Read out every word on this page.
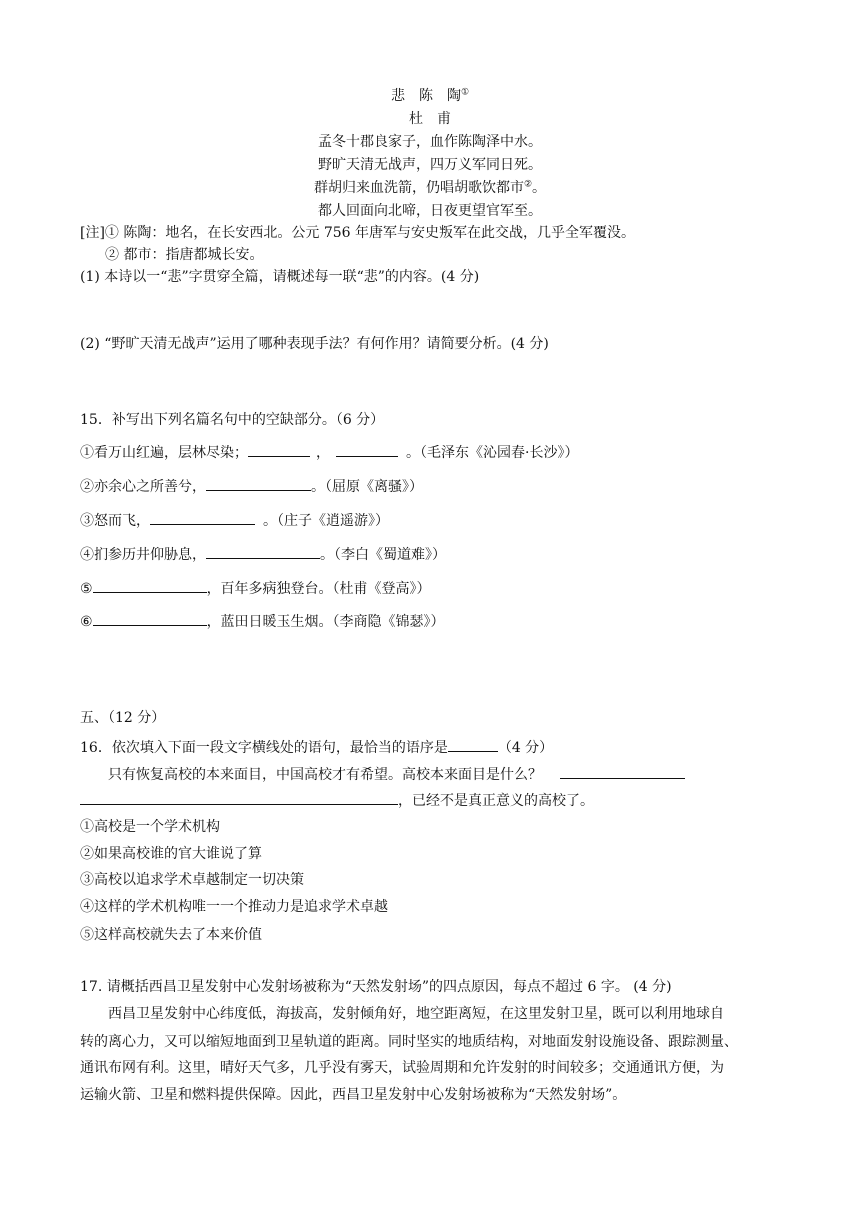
悲　陈　陶①
杜　甫
孟冬十郡良家子，血作陈陶泽中水。
野旷天清无战声，四万义军同日死。
群胡归来血洗箭，仍唱胡歌饮都市②。
都人回面向北啼，日夜更望官军至。
[注]① 陈陶：地名，在长安西北。公元 756 年唐军与安史叛军在此交战，几乎全军覆没。
② 都市：指唐都城长安。
(1) 本诗以一“悲”字贯穿全篇，请概述每一联“悲”的内容。(4 分)
(2) “野旷天清无战声”运用了哪种表现手法？有何作用？请简要分析。(4 分)
15．补写出下列名篇名句中的空缺部分。（6 分）
①看万山红遍，层林尽染；	，	。（毛泽东《沁园春·长沙》）
②亦余心之所善兮，	。（屈原《离骚》）
③怒而飞，	。（庄子《逍遥游》）
④扪参历井仰胁息，	。（李白《蜀道难》）
⑤	，百年多病独登台。（杜甫《登高》）
⑥	，蓝田日暖玉生烟。（李商隐《锦瑟》）
五、（12 分）
16．依次填入下面一段文字横线处的语句，最恰当的语序是	（4 分）
只有恢复高校的本来面目，中国高校才有希望。高校本来面目是什么？
，已经不是真正意义的高校了。
①高校是一个学术机构
②如果高校谁的官大谁说了算
③高校以追求学术卓越制定一切决策
④这样的学术机构唯一一个推动力是追求学术卓越
⑤这样高校就失去了本来价值
17. 请概括西昌卫星发射中心发射场被称为“天然发射场”的四点原因，每点不超过 6 字。 (4 分)
西昌卫星发射中心纬度低，海拔高，发射倾角好，地空距离短，在这里发射卫星，既可以利用地球自
转的离心力，又可以缩短地面到卫星轨道的距离。同时坚实的地质结构，对地面发射设施设备、跟踪测量、
通讯布网有利。这里，晴好天气多，几乎没有雾天，试验周期和允许发射的时间较多；交通通讯方便，为
运输火箭、卫星和燃料提供保障。因此，西昌卫星发射中心发射场被称为“天然发射场”。
